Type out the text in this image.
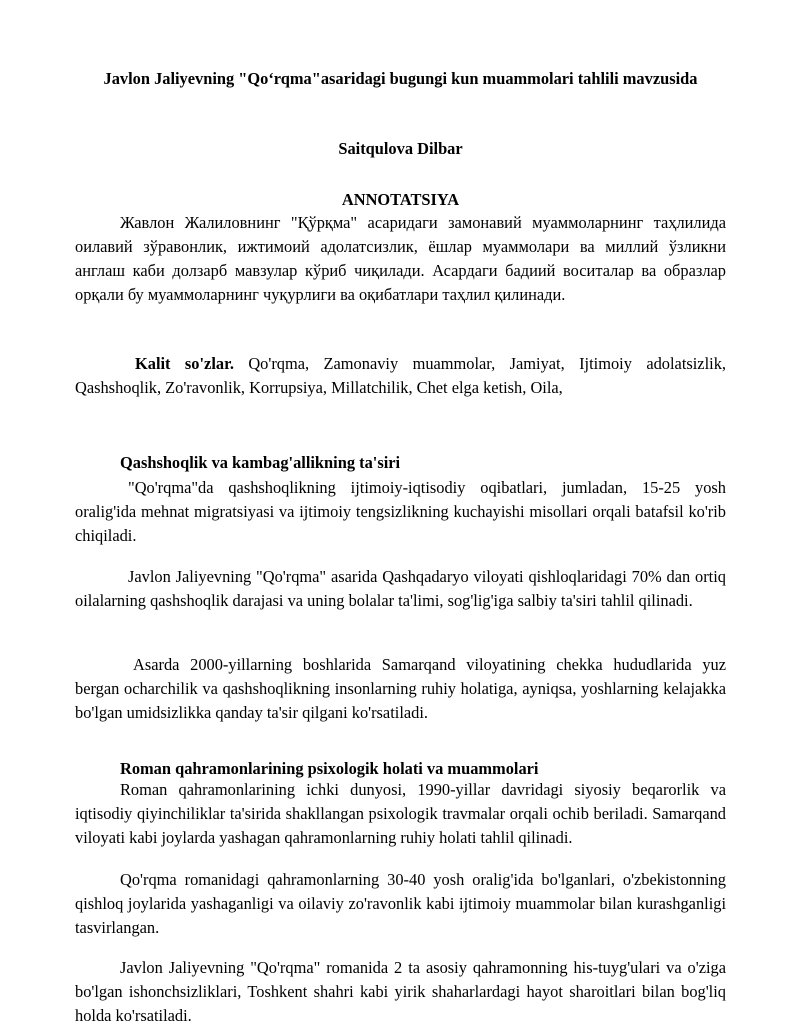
Javlon Jaliyevning "Qo‘rqma"asaridagi bugungi kun muammolari tahlili mavzusida
Saitqulova Dilbar
ANNOTATSIYA

Жавлон Жалиловнинг "Қўрқма" асаридаги замонавий муаммоларнинг таҳлилида оилавий зўравонлик, ижтимоий адолатсизлик, ёшлар муаммолари ва миллий ўзликни англаш каби долзарб мавзулар кўриб чиқилади. Асардаги бадиий воситалар ва образлар орқали бу муаммоларнинг чуқурлиги ва оқибатлари таҳлил қилинади.

Kalit so'zlar. Qo'rqma, Zamonaviy muammolar, Jamiyat, Ijtimoiy adolatsizlik, Qashshoqlik, Zo'ravonlik, Korrupsiya, Millatchilik, Chet elga ketish, Oila,

Qashshoqlik va kambag'allikning ta'siri

"Qo'rqma"da qashshoqlikning ijtimoiy-iqtisodiy oqibatlari, jumladan, 15-25 yosh oralig'ida mehnat migratsiyasi va ijtimoiy tengsizlikning kuchayishi misollari orqali batafsil ko'rib chiqiladi.

Javlon Jaliyevning "Qo'rqma" asarida Qashqadaryo viloyati qishloqlaridagi 70% dan ortiq oilalarning qashshoqlik darajasi va uning bolalar ta'limi, sog'lig'iga salbiy ta'siri tahlil qilinadi.

Asarda 2000-yillarning boshlarida Samarqand viloyatining chekka hududlarida yuz bergan ocharchilik va qashshoqlikning insonlarning ruhiy holatiga, ayniqsa, yoshlarning kelajakka bo'lgan umidsizlikka qanday ta'sir qilgani ko'rsatiladi.

Roman qahramonlarining psixologik holati va muammolari

Roman qahramonlarining ichki dunyosi, 1990-yillar davridagi siyosiy beqarorlik va iqtisodiy qiyinchiliklar ta'sirida shakllangan psixologik travmalar orqali ochib beriladi. Samarqand viloyati kabi joylarda yashagan qahramonlarning ruhiy holati tahlil qilinadi.

Qo'rqma romanidagi qahramonlarning 30-40 yosh oralig'ida bo'lganlari, o'zbekistonning qishloq joylarida yashaganligi va oilaviy zo'ravonlik kabi ijtimoiy muammolar bilan kurashganligi tasvirlangan.

Javlon Jaliyevning "Qo'rqma" romanida 2 ta asosiy qahramonning his-tuyg'ulari va o'ziga bo'lgan ishonchsizliklari, Toshkent shahri kabi yirik shaharlardagi hayot sharoitlari bilan bog'liq holda ko'rsatiladi.
